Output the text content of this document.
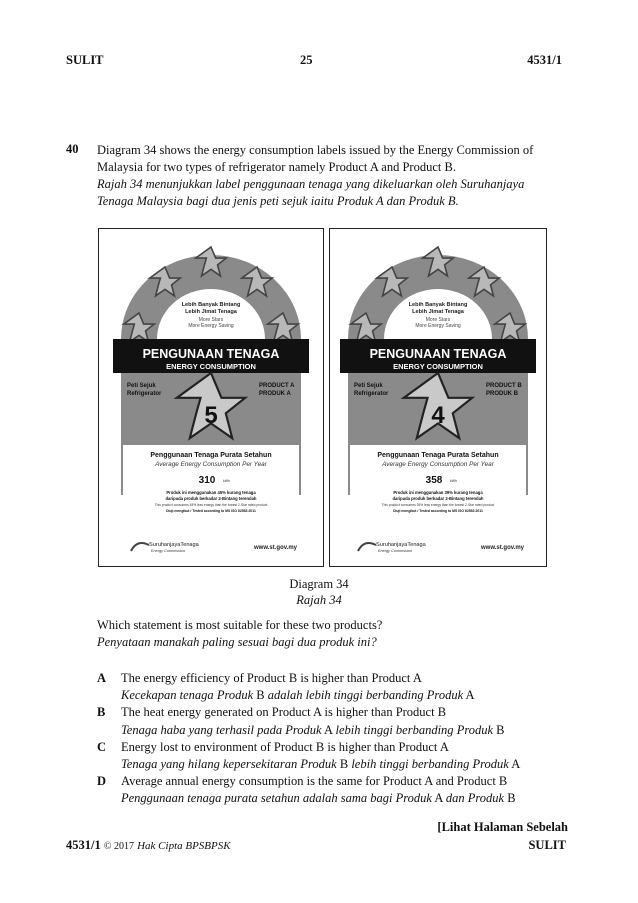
SULIT	25	4531/1
40 Diagram 34 shows the energy consumption labels issued by the Energy Commission of
Malaysia for two types of refrigerator namely Product A and Product B.
Rajah 34 menunjukkan label penggunaan tenaga yang dikeluarkan oleh Suruhanjaya
Tenaga Malaysia bagi dua jenis peti sejuk iaitu Produk A dan Produk B.
Lebih Banyak Bintang
Lebih Jimat Tenaga
More Stars
More Energy Saving
PENGUNAAN TENAGA
ENERGY CONSUMPTION
Peti Sejuk
Refrigerator
PRODUCT A
PRODUK A
5
Penggunaan Tenaga Purata Setahun
Average Energy Consumption Per Year
310 kWh
Produk ini menggunakan 45% kurang tenaga
daripada produk berkadar 2-Bintang terendah
This product consumes 45% less energy than the lowest 2-Star rated product
Diuji mengikut / Tested according to MS ISO 62552:2011
SuruhanjayaTenaga
Energy Commission	www.st.gov.my
Lebih Banyak Bintang
Lebih Jimat Tenaga
More Stars
More Energy Saving
PENGUNAAN TENAGA
ENERGY CONSUMPTION
Peti Sejuk
Refrigerator
PRODUCT B
PRODUK B
4
Penggunaan Tenaga Purata Setahun
Average Energy Consumption Per Year
358 kWh
Produk ini menggunakan 39% kurang tenaga
daripada produk berkadar 2-Bintang terendah
This product consumes 39% less energy than the lowest 2-Star rated product
Diuji mengikut / Tested according to MS ISO 62552:2011
SuruhanjayaTenaga
Energy Commission	www.st.gov.my
Diagram 34
Rajah 34
Which statement is most suitable for these two products?
Penyataan manakah paling sesuai bagi dua produk ini?
A The energy efficiency of Product B is higher than Product A
Kecekapan tenaga Produk B adalah lebih tinggi berbanding Produk A
B The heat energy generated on Product A is higher than Product B
Tenaga haba yang terhasil pada Produk A lebih tinggi berbanding Produk B
C Energy lost to environment of Product B is higher than Product A
Tenaga yang hilang kepersekitaran Produk B lebih tinggi berbanding Produk A
D Average annual energy consumption is the same for Product A and Product B
Penggunaan tenaga purata setahun adalah sama bagi Produk A dan Produk B
[Lihat Halaman Sebelah
4531/1 © 2017 Hak Cipta BPSBPSK	SULIT
